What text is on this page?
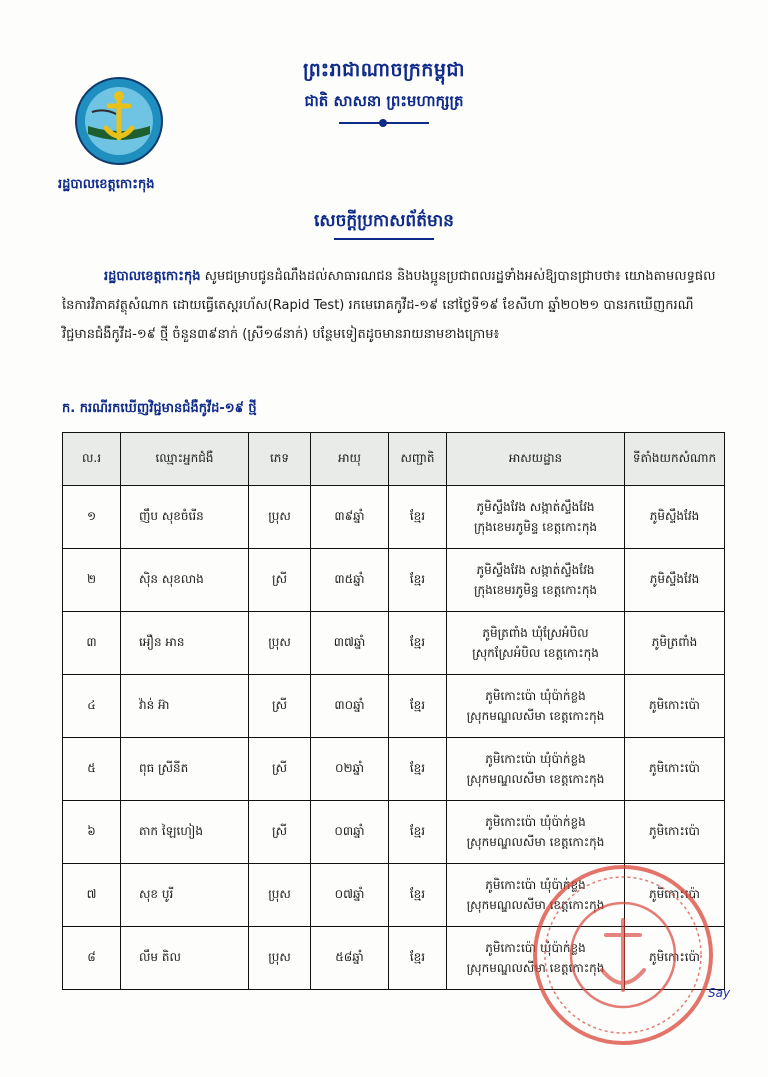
ព្រះរាជាណាចក្រកម្ពុជា
ជាតិ សាសនា ព្រះមហាក្សត្រ
រដ្ឋបាលខេត្តកោះកុង
សេចក្តីប្រកាសព័ត៌មាន

រដ្ឋបាលខេត្តកោះកុង សូមជម្រាបជូនដំណឹងដល់សាធារណជន និងបងប្អូនប្រជាពលរដ្ឋទាំងអស់ឱ្យបានជ្រាបថា៖ យោងតាមលទ្ធផលនៃការវិភាគវត្ថុសំណាក ដោយធ្វើតេស្តរហ័ស(Rapid Test) រកមេរោគកូវីដ-១៩ នៅថ្ងៃទី១៩ ខែសីហា ឆ្នាំ២០២១ បានរកឃើញករណីវិជ្ជមានជំងឺកូវីដ-១៩ ថ្មី ចំនួន៣៩នាក់ (ស្រី១៨នាក់) បន្ថែមទៀតដូចមានរាយនាមខាងក្រោម៖

ក. ករណីរកឃើញវិជ្ជមានជំងឺកូវីដ-១៩ ថ្មី
ល.រ	ឈ្មោះអ្នកជំងឺ	ភេទ	អាយុ	សញ្ជាតិ	អាសយដ្ឋាន	ទីតាំងយកសំណាក
១	ញឹប សុខចំរើន	ប្រុស	៣៩ឆ្នាំ	ខ្មែរ	ភូមិស្ទឹងវែង សង្កាត់ស្ទឹងវែង
ក្រុងខេមរភូមិន្ទ ខេត្តកោះកុង	ភូមិស្ទឹងវែង
២	ស៊ិន សុខលាង	ស្រី	៣៥ឆ្នាំ	ខ្មែរ	ភូមិស្ទឹងវែង សង្កាត់ស្ទឹងវែង
ក្រុងខេមរភូមិន្ទ ខេត្តកោះកុង	ភូមិស្ទឹងវែង
៣	អឿន អាន	ប្រុស	៣៧ឆ្នាំ	ខ្មែរ	ភូមិត្រពាំង ឃុំស្រែអំបិល
ស្រុកស្រែអំបិល ខេត្តកោះកុង	ភូមិត្រពាំង
៤	វ៉ាន់ អ៊ា	ស្រី	៣០ឆ្នាំ	ខ្មែរ	ភូមិកោះប៉ោ ឃុំប៉ាក់ខ្លង
ស្រុកមណ្ឌលសីមា ខេត្តកោះកុង	ភូមិកោះប៉ោ
៥	ពុធ ស្រីនីត	ស្រី	០២ឆ្នាំ	ខ្មែរ	ភូមិកោះប៉ោ ឃុំប៉ាក់ខ្លង
ស្រុកមណ្ឌលសីមា ខេត្តកោះកុង	ភូមិកោះប៉ោ
៦	តាក ឡៃហៀង	ស្រី	០៣ឆ្នាំ	ខ្មែរ	ភូមិកោះប៉ោ ឃុំប៉ាក់ខ្លង
ស្រុកមណ្ឌលសីមា ខេត្តកោះកុង	ភូមិកោះប៉ោ
៧	សុខ បូរី	ប្រុស	០៧ឆ្នាំ	ខ្មែរ	ភូមិកោះប៉ោ ឃុំប៉ាក់ខ្លង
ស្រុកមណ្ឌលសីមា ខេត្តកោះកុង	ភូមិកោះប៉ោ
៨	លឹម តិល	ប្រុស	៥៨ឆ្នាំ	ខ្មែរ	ភូមិកោះប៉ោ ឃុំប៉ាក់ខ្លង
ស្រុកមណ្ឌលសីមា ខេត្តកោះកុង	ភូមិកោះប៉ោ
Say
